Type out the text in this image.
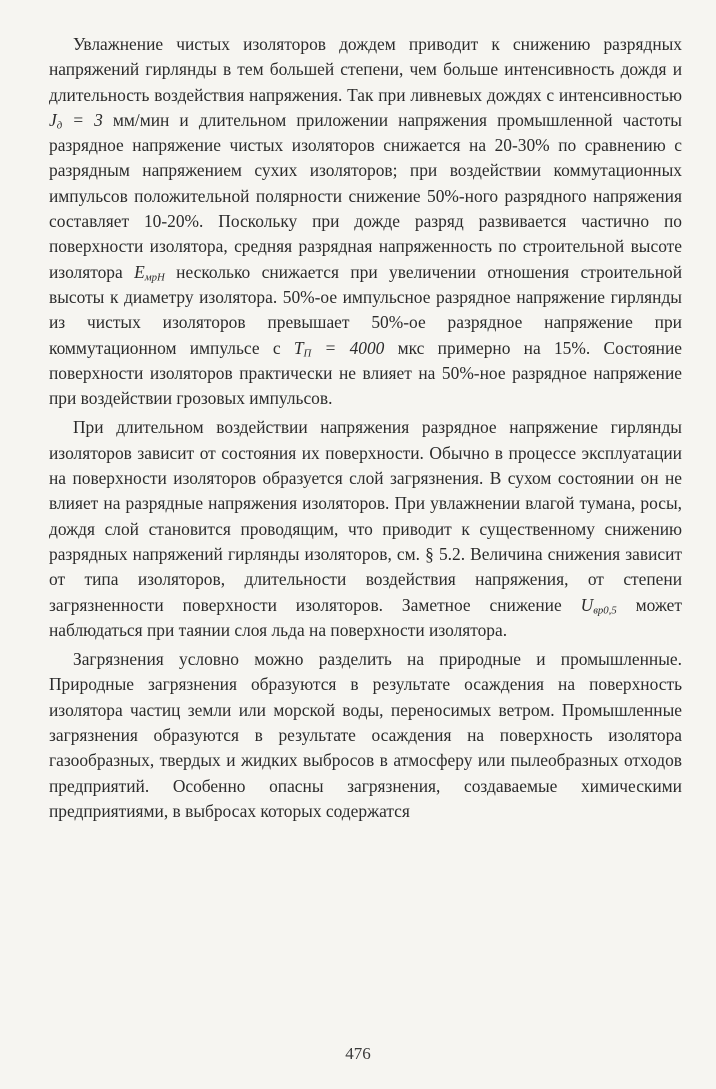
Увлажнение чистых изоляторов дождем приводит к снижению разрядных напряжений гирлянды в тем большей степени, чем больше интенсивность дождя и длительность воздействия напряжения. Так при ливневых дождях с интенсивностью $J_д = 3$ мм/мин и длительном приложении напряжения промышленной частоты разрядное напряжение чистых изоляторов снижается на 20-30% по сравнению с разрядным напряжением сухих изоляторов; при воздействии коммутационных импульсов положительной полярности снижение 50%-ного разрядного напряжения составляет 10-20%. Поскольку при дожде разряд развивается частично по поверхности изолятора, средняя разрядная напряженность по строительной высоте изолятора $E_{мрН}$ несколько снижается при увеличении отношения строительной высоты к диаметру изолятора. 50%-ое импульсное разрядное напряжение гирлянды из чистых изоляторов превышает 50%-ое разрядное напряжение при коммутационном импульсе с $T_П = 4000$ мкс примерно на 15%. Состояние поверхности изоляторов практически не влияет на 50%-ное разрядное напряжение при воздействии грозовых импульсов.

При длительном воздействии напряжения разрядное напряжение гирлянды изоляторов зависит от состояния их поверхности. Обычно в процессе эксплуатации на поверхности изоляторов образуется слой загрязнения. В сухом состоянии он не влияет на разрядные напряжения изоляторов. При увлажнении влагой тумана, росы, дождя слой становится проводящим, что приводит к существенному снижению разрядных напряжений гирлянды изоляторов, см. § 5.2. Величина снижения зависит от типа изоляторов, длительности воздействия напряжения, от степени загрязненности поверхности изоляторов. Заметное снижение $U_{вр0,5}$ может наблюдаться при таянии слоя льда на поверхности изолятора.

Загрязнения условно можно разделить на природные и промышленные. Природные загрязнения образуются в результате осаждения на поверхность изолятора частиц земли или морской воды, переносимых ветром. Промышленные загрязнения образуются в результате осаждения на поверхность изолятора газообразных, твердых и жидких выбросов в атмосферу или пылеобразных отходов предприятий. Особенно опасны загрязнения, создаваемые химическими предприятиями, в выбросах которых содержатся

476
